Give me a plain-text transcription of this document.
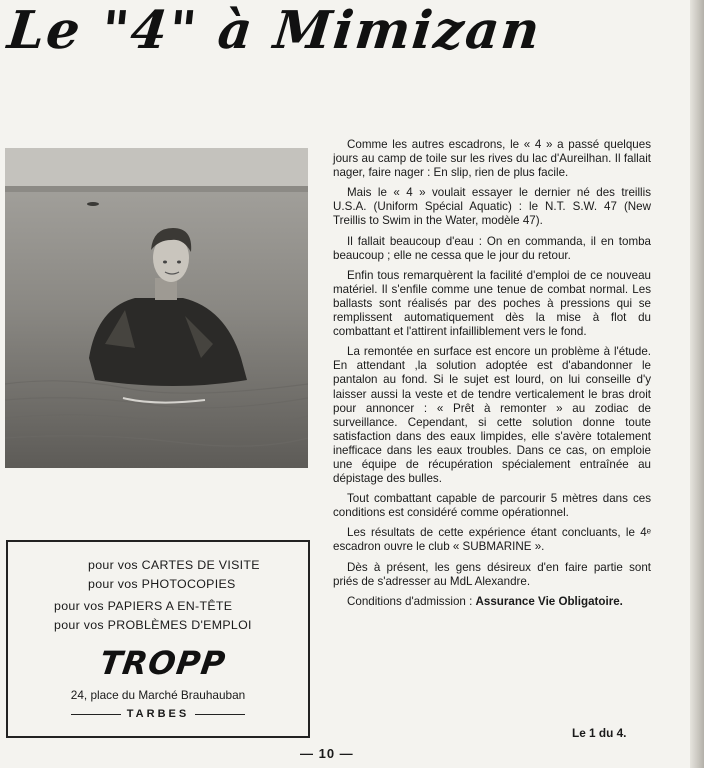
Le "4" à Mimizan

Comme les autres escadrons, le « 4 » a passé quelques jours au camp de toile sur les rives du lac d'Aureilhan. Il fallait nager, faire nager : En slip, rien de plus facile.

Mais le « 4 » voulait essayer le dernier né des treillis U.S.A. (Uniform Spécial Aquatic) : le N.T. S.W. 47 (New Treillis to Swim in the Water, modèle 47).

Il fallait beaucoup d'eau : On en commanda, il en tomba beaucoup ; elle ne cessa que le jour du retour.

Enfin tous remarquèrent la facilité d'emploi de ce nouveau matériel. Il s'enfile comme une tenue de combat normal. Les ballasts sont réalisés par des poches à pressions qui se remplissent automatiquement dès la mise à flot du combattant et l'attirent infailliblement vers le fond.

La remontée en surface est encore un problème à l'étude. En attendant ,la solution adoptée est d'abandonner le pantalon au fond. Si le sujet est lourd, on lui conseille d'y laisser aussi la veste et de tendre verticalement le bras droit pour annoncer : « Prêt à remonter » au zodiac de surveillance. Cependant, si cette solution donne toute satisfaction dans des eaux limpides, elle s'avère totalement inefficace dans les eaux troubles. Dans ce cas, on emploie une équipe de récupération spécialement entraînée au dépistage des bulles.

Tout combattant capable de parcourir 5 mètres dans ces conditions est considéré comme opérationnel.

Les résultats de cette expérience étant concluants, le 4ᵉ escadron ouvre le club « SUBMARINE ».

Dès à présent, les gens désireux d'en faire partie sont priés de s'adresser au MdL Alexandre.

Conditions d'admission : Assurance Vie Obligatoire.

pour vos CARTES DE VISITE
pour vos PHOTOCOPIES
pour vos PAPIERS A EN-TÊTE
pour vos PROBLÈMES D'EMPLOI
TROPP
24, place du Marché Brauhauban
TARBES
Le 1 du 4.
— 10 —
